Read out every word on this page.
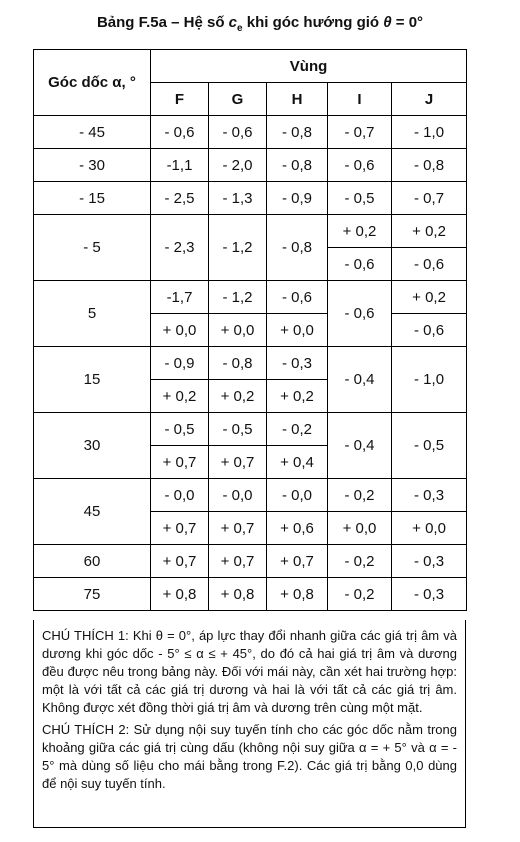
Bảng F.5a – Hệ số $c_e$ khi góc hướng gió θ = 0°
Góc dốc α, °	Vùng				
	F	G	H	I	J
- 45	- 0,6	- 0,6	- 0,8	- 0,7	- 1,0
- 30	-1,1	- 2,0	- 0,8	- 0,6	- 0,8
- 15	- 2,5	- 1,3	- 0,9	- 0,5	- 0,7
- 5	- 2,3	- 1,2	- 0,8	+ 0,2	+ 0,2
				- 0,6	- 0,6
5	-1,7	- 1,2	- 0,6	- 0,6	+ 0,2
	+ 0,0	+ 0,0	+ 0,0		- 0,6
15	- 0,9	- 0,8	- 0,3	- 0,4	- 1,0
	+ 0,2	+ 0,2	+ 0,2		
30	- 0,5	- 0,5	- 0,2	- 0,4	- 0,5
	+ 0,7	+ 0,7	+ 0,4		
45	- 0,0	- 0,0	- 0,0	- 0,2	- 0,3
	+ 0,7	+ 0,7	+ 0,6	+ 0,0	+ 0,0
60	+ 0,7	+ 0,7	+ 0,7	- 0,2	- 0,3
75	+ 0,8	+ 0,8	+ 0,8	- 0,2	- 0,3

CHÚ THÍCH 1: Khi θ = 0°, áp lực thay đổi nhanh giữa các giá trị âm và dương khi góc dốc - 5° ≤ α ≤ + 45°, do đó cả hai giá trị âm và dương đều được nêu trong bảng này. Đối với mái này, cần xét hai trường hợp: một là với tất cả các giá trị dương và hai là với tất cả các giá trị âm. Không được xét đồng thời giá trị âm và dương trên cùng một mặt.

CHÚ THÍCH 2: Sử dụng nội suy tuyến tính cho các góc dốc nằm trong khoảng giữa các giá trị cùng dấu (không nội suy giữa α = + 5° và α = - 5° mà dùng số liệu cho mái bằng trong F.2). Các giá trị bằng 0,0 dùng để nội suy tuyến tính.
